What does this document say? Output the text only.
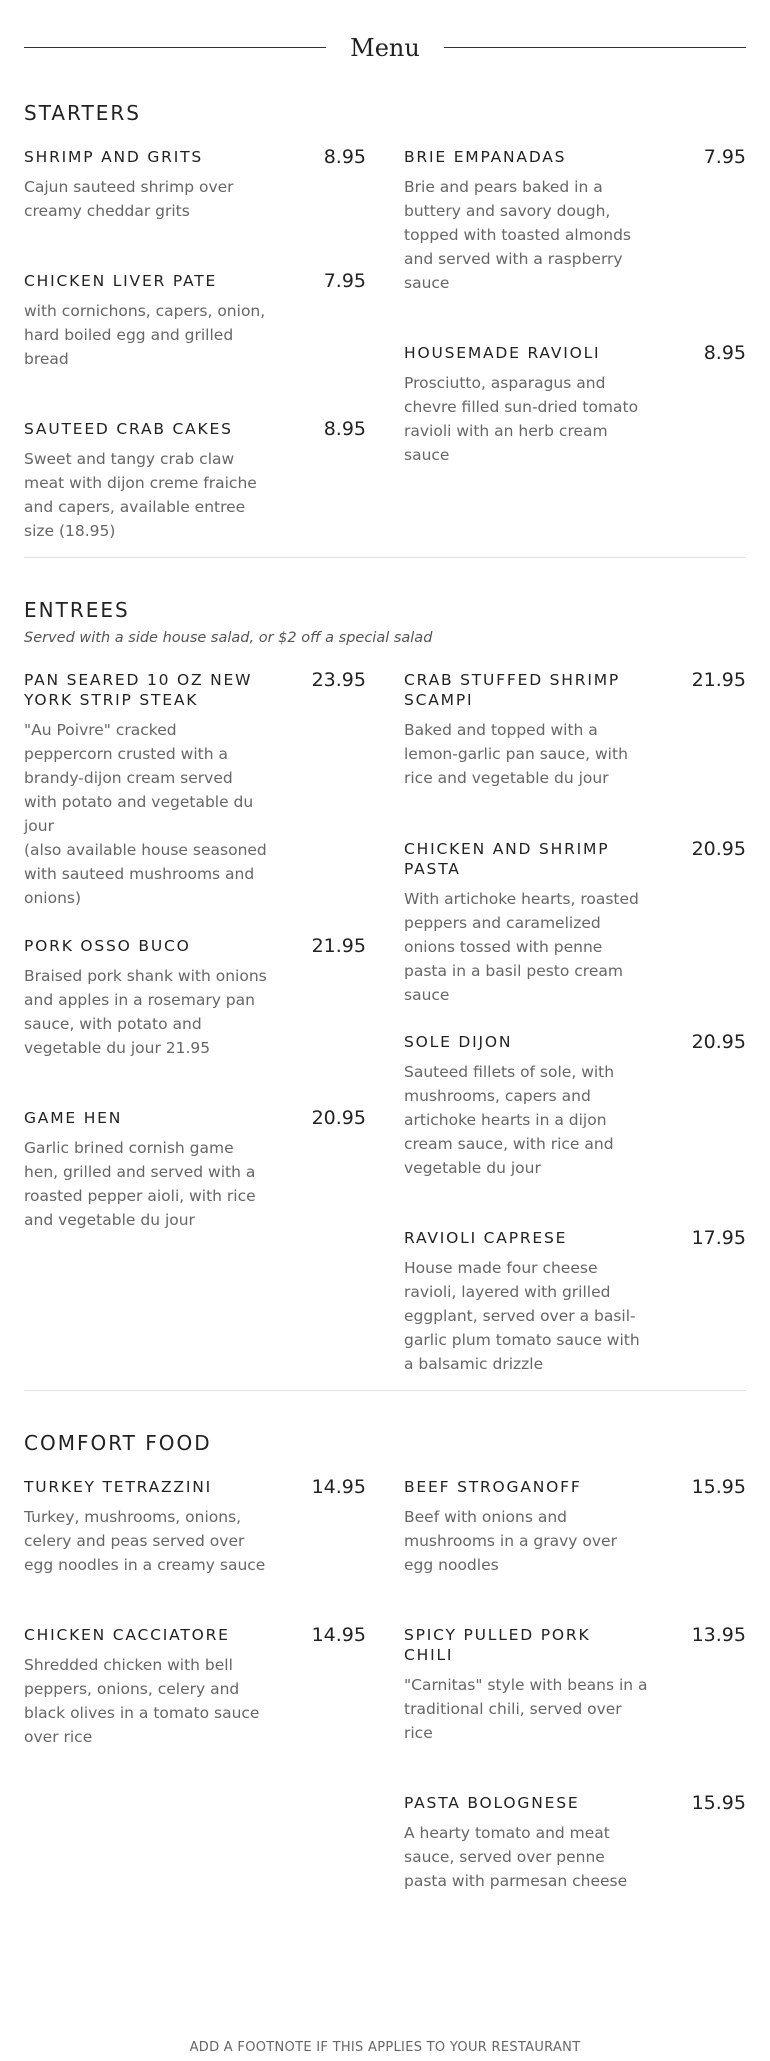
Menu
STARTERS
SHRIMP AND GRITS	8.95
Cajun sauteed shrimp over creamy cheddar grits
CHICKEN LIVER PATE	7.95
with cornichons, capers, onion, hard boiled egg and grilled bread
SAUTEED CRAB CAKES	8.95
Sweet and tangy crab claw meat with dijon creme fraiche and capers, available entree size (18.95)
BRIE EMPANADAS	7.95
Brie and pears baked in a buttery and savory dough, topped with toasted almonds and served with a raspberry sauce
HOUSEMADE RAVIOLI	8.95
Prosciutto, asparagus and chevre filled sun-dried tomato ravioli with an herb cream sauce
ENTREES
Served with a side house salad, or $2 off a special salad
PAN SEARED 10 OZ NEW YORK STRIP STEAK
23.95
"Au Poivre" cracked peppercorn crusted with a brandy-dijon cream served with potato and vegetable du jour
(also available house seasoned with sauteed mushrooms and onions)
PORK OSSO BUCO	21.95
Braised pork shank with onions and apples in a rosemary pan sauce, with potato and vegetable du jour 21.95
GAME HEN	20.95
Garlic brined cornish game hen, grilled and served with a roasted pepper aioli, with rice and vegetable du jour
CRAB STUFFED SHRIMP SCAMPI
21.95
Baked and topped with a lemon-garlic pan sauce, with rice and vegetable du jour
CHICKEN AND SHRIMP PASTA
20.95
With artichoke hearts, roasted peppers and caramelized onions tossed with penne pasta in a basil pesto cream sauce
SOLE DIJON	20.95
Sauteed fillets of sole, with mushrooms, capers and artichoke hearts in a dijon cream sauce, with rice and vegetable du jour
RAVIOLI CAPRESE	17.95
House made four cheese ravioli, layered with grilled eggplant, served over a basil-garlic plum tomato sauce with a balsamic drizzle
COMFORT FOOD
TURKEY TETRAZZINI	14.95
Turkey, mushrooms, onions, celery and peas served over egg noodles in a creamy sauce
CHICKEN CACCIATORE	14.95
Shredded chicken with bell peppers, onions, celery and black olives in a tomato sauce over rice
BEEF STROGANOFF	15.95
Beef with onions and mushrooms in a gravy over egg noodles
SPICY PULLED PORK CHILI
13.95
"Carnitas" style with beans in a traditional chili, served over rice
PASTA BOLOGNESE	15.95
A hearty tomato and meat sauce, served over penne pasta with parmesan cheese
ADD A FOOTNOTE IF THIS APPLIES TO YOUR RESTAURANT
